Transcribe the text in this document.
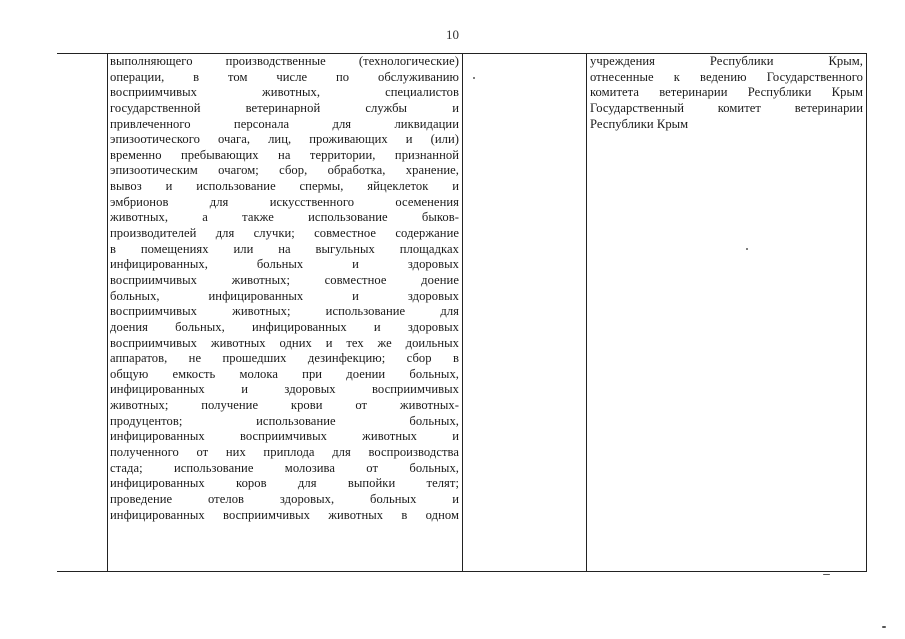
10
выполняющего производственные (технологические)
операции, в том числе по обслуживанию
восприимчивых животных, специалистов
государственной ветеринарной службы и
привлеченного персонала для ликвидации
эпизоотического очага, лиц, проживающих и (или)
временно пребывающих на территории, признанной
эпизоотическим очагом; сбор, обработка, хранение,
вывоз и использование спермы, яйцеклеток и
эмбрионов для искусственного осеменения
животных, а также использование быков-
производителей для случки; совместное содержание
в помещениях или на выгульных площадках
инфицированных, больных и здоровых
восприимчивых животных; совместное доение
больных, инфицированных и здоровых
восприимчивых животных; использование для
доения больных, инфицированных и здоровых
восприимчивых животных одних и тех же доильных
аппаратов, не прошедших дезинфекцию; сбор в
общую емкость молока при доении больных,
инфицированных и здоровых восприимчивых
животных; получение крови от животных-
продуцентов; использование больных,
инфицированных восприимчивых животных и
полученного от них приплода для воспроизводства
стада; использование молозива от больных,
инфицированных коров для выпойки телят;
проведение отелов здоровых, больных и
инфицированных восприимчивых животных в одном
учреждения Республики Крым,
отнесенные к ведению Государственного
комитета ветеринарии Республики Крым
Государственный комитет ветеринарии
Республики Крым
